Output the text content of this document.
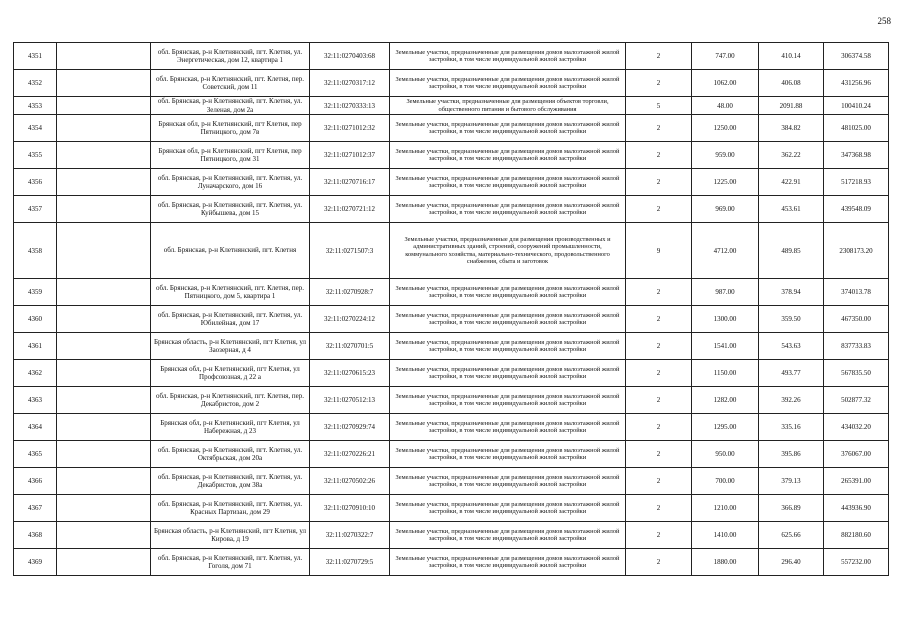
258
4351		обл. Брянская, р-н Клетнянский, пгт. Клетня, ул. Энергетическая, дом 12, квартира 1	32:11:0270403:68	Земельные участки, предназначенные для размещения домов малоэтажной жилой застройки, в том числе индивидуальной жилой застройки	2	747.00	410.14	306374.58
4352		обл. Брянская, р-н Клетнянский, пгт. Клетня, пер. Советский, дом 11	32:11:0270317:12	Земельные участки, предназначенные для размещения домов малоэтажной жилой застройки, в том числе индивидуальной жилой застройки	2	1062.00	406.08	431256.96
4353		обл. Брянская, р-н Клетнянский, пгт. Клетня, ул. Зеленая, дом 2а	32:11:0270333:13	Земельные участки, предназначенные для размещения объектов торговли, общественного питания и бытового обслуживания	5	48.00	2091.88	100410.24
4354		Брянская обл, р-н Клетнянский, пгт Клетня, пер Пятницкого, дом 7в	32:11:0271012:32	Земельные участки, предназначенные для размещения домов малоэтажной жилой застройки, в том числе индивидуальной жилой застройки	2	1250.00	384.82	481025.00
4355		Брянская обл, р-н Клетнянский, пгт Клетня, пер Пятницкого, дом 31	32:11:0271012:37	Земельные участки, предназначенные для размещения домов малоэтажной жилой застройки, в том числе индивидуальной жилой застройки	2	959.00	362.22	347368.98
4356		обл. Брянская, р-н Клетнянский, пгт. Клетня, ул. Луначарского, дом 16	32:11:0270716:17	Земельные участки, предназначенные для размещения домов малоэтажной жилой застройки, в том числе индивидуальной жилой застройки	2	1225.00	422.91	517218.93
4357		обл. Брянская, р-н Клетнянский, пгт. Клетня, ул. Куйбышева, дом 15	32:11:0270721:12	Земельные участки, предназначенные для размещения домов малоэтажной жилой застройки, в том числе индивидуальной жилой застройки	2	969.00	453.61	439548.09
4358		обл. Брянская, р-н Клетнянский, пгт. Клетня	32:11:0271507:3	Земельные участки, предназначенные для размещения производственных и административных зданий, строений, сооружений промышленности, коммунального хозяйства, материально-технического, продовольственного снабжения, сбыта и заготовок	9	4712.00	489.85	2308173.20
4359		обл. Брянская, р-н Клетнянский, пгт. Клетня, пер. Пятницкого, дом 5, квартира 1	32:11:0270928:7	Земельные участки, предназначенные для размещения домов малоэтажной жилой застройки, в том числе индивидуальной жилой застройки	2	987.00	378.94	374013.78
4360		обл. Брянская, р-н Клетнянский, пгт. Клетня, ул. Юбилейная, дом 17	32:11:0270224:12	Земельные участки, предназначенные для размещения домов малоэтажной жилой застройки, в том числе индивидуальной жилой застройки	2	1300.00	359.50	467350.00
4361		Брянская область, р-н Клетнянский, пгт Клетня, ул Заозерная, д 4	32:11:0270701:5	Земельные участки, предназначенные для размещения домов малоэтажной жилой застройки, в том числе индивидуальной жилой застройки	2	1541.00	543.63	837733.83
4362		Брянская обл, р-н Клетнянский, пгт Клетня, ул Профсоюзная, д 22 а	32:11:0270615:23	Земельные участки, предназначенные для размещения домов малоэтажной жилой застройки, в том числе индивидуальной жилой застройки	2	1150.00	493.77	567835.50
4363		обл. Брянская, р-н Клетнянский, пгт. Клетня, пер. Декабристов, дом 2	32:11:0270512:13	Земельные участки, предназначенные для размещения домов малоэтажной жилой застройки, в том числе индивидуальной жилой застройки	2	1282.00	392.26	502877.32
4364		Брянская обл, р-н Клетнянский, пгт Клетня, ул Набережная, д 23	32:11:0270929:74	Земельные участки, предназначенные для размещения домов малоэтажной жилой застройки, в том числе индивидуальной жилой застройки	2	1295.00	335.16	434032.20
4365		обл. Брянская, р-н Клетнянский, пгт. Клетня, ул. Октябрьская, дом 20а	32:11:0270226:21	Земельные участки, предназначенные для размещения домов малоэтажной жилой застройки, в том числе индивидуальной жилой застройки	2	950.00	395.86	376067.00
4366		обл. Брянская, р-н Клетнянский, пгт. Клетня, ул. Декабристов, дом 38а	32:11:0270502:26	Земельные участки, предназначенные для размещения домов малоэтажной жилой застройки, в том числе индивидуальной жилой застройки	2	700.00	379.13	265391.00
4367		обл. Брянская, р-н Клетнянский, пгт. Клетня, ул. Красных Партизан, дом 29	32:11:0270910:10	Земельные участки, предназначенные для размещения домов малоэтажной жилой застройки, в том числе индивидуальной жилой застройки	2	1210.00	366.89	443936.90
4368		Брянская область, р-н Клетнянский, пгт Клетня, ул Кирова, д 19	32:11:0270322:7	Земельные участки, предназначенные для размещения домов малоэтажной жилой застройки, в том числе индивидуальной жилой застройки	2	1410.00	625.66	882180.60
4369		обл. Брянская, р-н Клетнянский, пгт. Клетня, ул. Гоголя, дом 71	32:11:0270729:5	Земельные участки, предназначенные для размещения домов малоэтажной жилой застройки, в том числе индивидуальной жилой застройки	2	1880.00	296.40	557232.00
